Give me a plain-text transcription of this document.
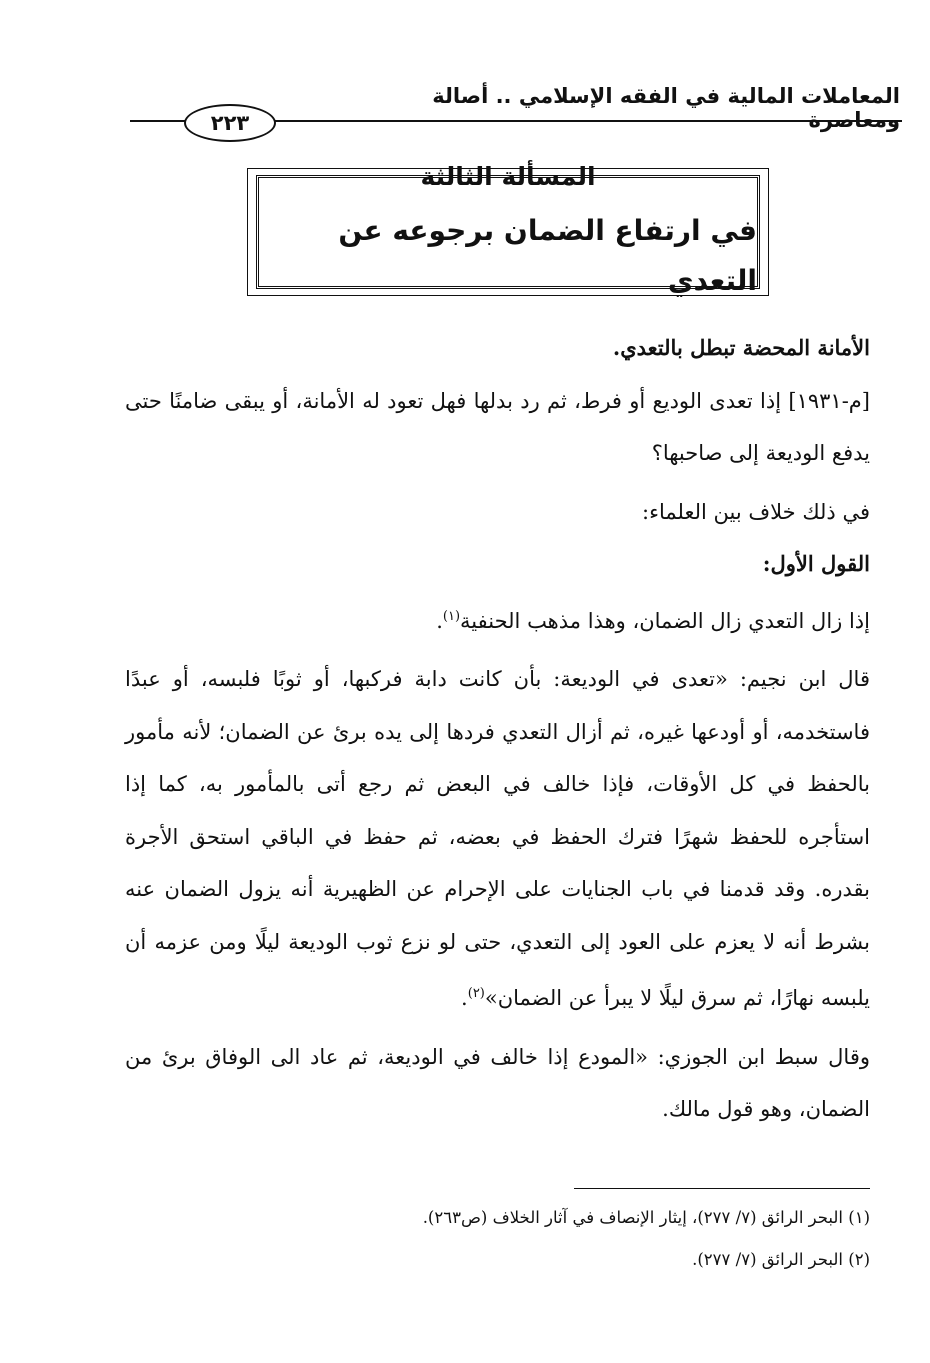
المعاملات المالية في الفقه الإسلامي .. أصالة ومعاصرة
٢٢٣
المسألة الثالثة
في ارتفاع الضمان برجوعه عن التعدي

الأمانة المحضة تبطل بالتعدي.

[م-١٩٣١] إذا تعدى الوديع أو فرط، ثم رد بدلها فهل تعود له الأمانة، أو يبقى ضامنًا حتى يدفع الوديعة إلى صاحبها؟

في ذلك خلاف بين العلماء:

القول الأول:

إذا زال التعدي زال الضمان، وهذا مذهب الحنفية$^{(١)}$.

قال ابن نجيم: «تعدى في الوديعة: بأن كانت دابة فركبها، أو ثوبًا فلبسه، أو عبدًا فاستخدمه، أو أودعها غيره، ثم أزال التعدي فردها إلى يده برئ عن الضمان؛ لأنه مأمور بالحفظ في كل الأوقات، فإذا خالف في البعض ثم رجع أتى بالمأمور به، كما إذا استأجره للحفظ شهرًا فترك الحفظ في بعضه، ثم حفظ في الباقي استحق الأجرة بقدره. وقد قدمنا في باب الجنايات على الإحرام عن الظهيرية أنه يزول الضمان عنه بشرط أنه لا يعزم على العود إلى التعدي، حتى لو نزع ثوب الوديعة ليلًا ومن عزمه أن يلبسه نهارًا، ثم سرق ليلًا لا يبرأ عن الضمان»$^{(٢)}$.

وقال سبط ابن الجوزي: «المودع إذا خالف في الوديعة، ثم عاد الى الوفاق برئ من الضمان، وهو قول مالك.

(١) البحر الرائق (٧/ ٢٧٧)، إيثار الإنصاف في آثار الخلاف (ص٢٦٣).

(٢) البحر الرائق (٧/ ٢٧٧).
